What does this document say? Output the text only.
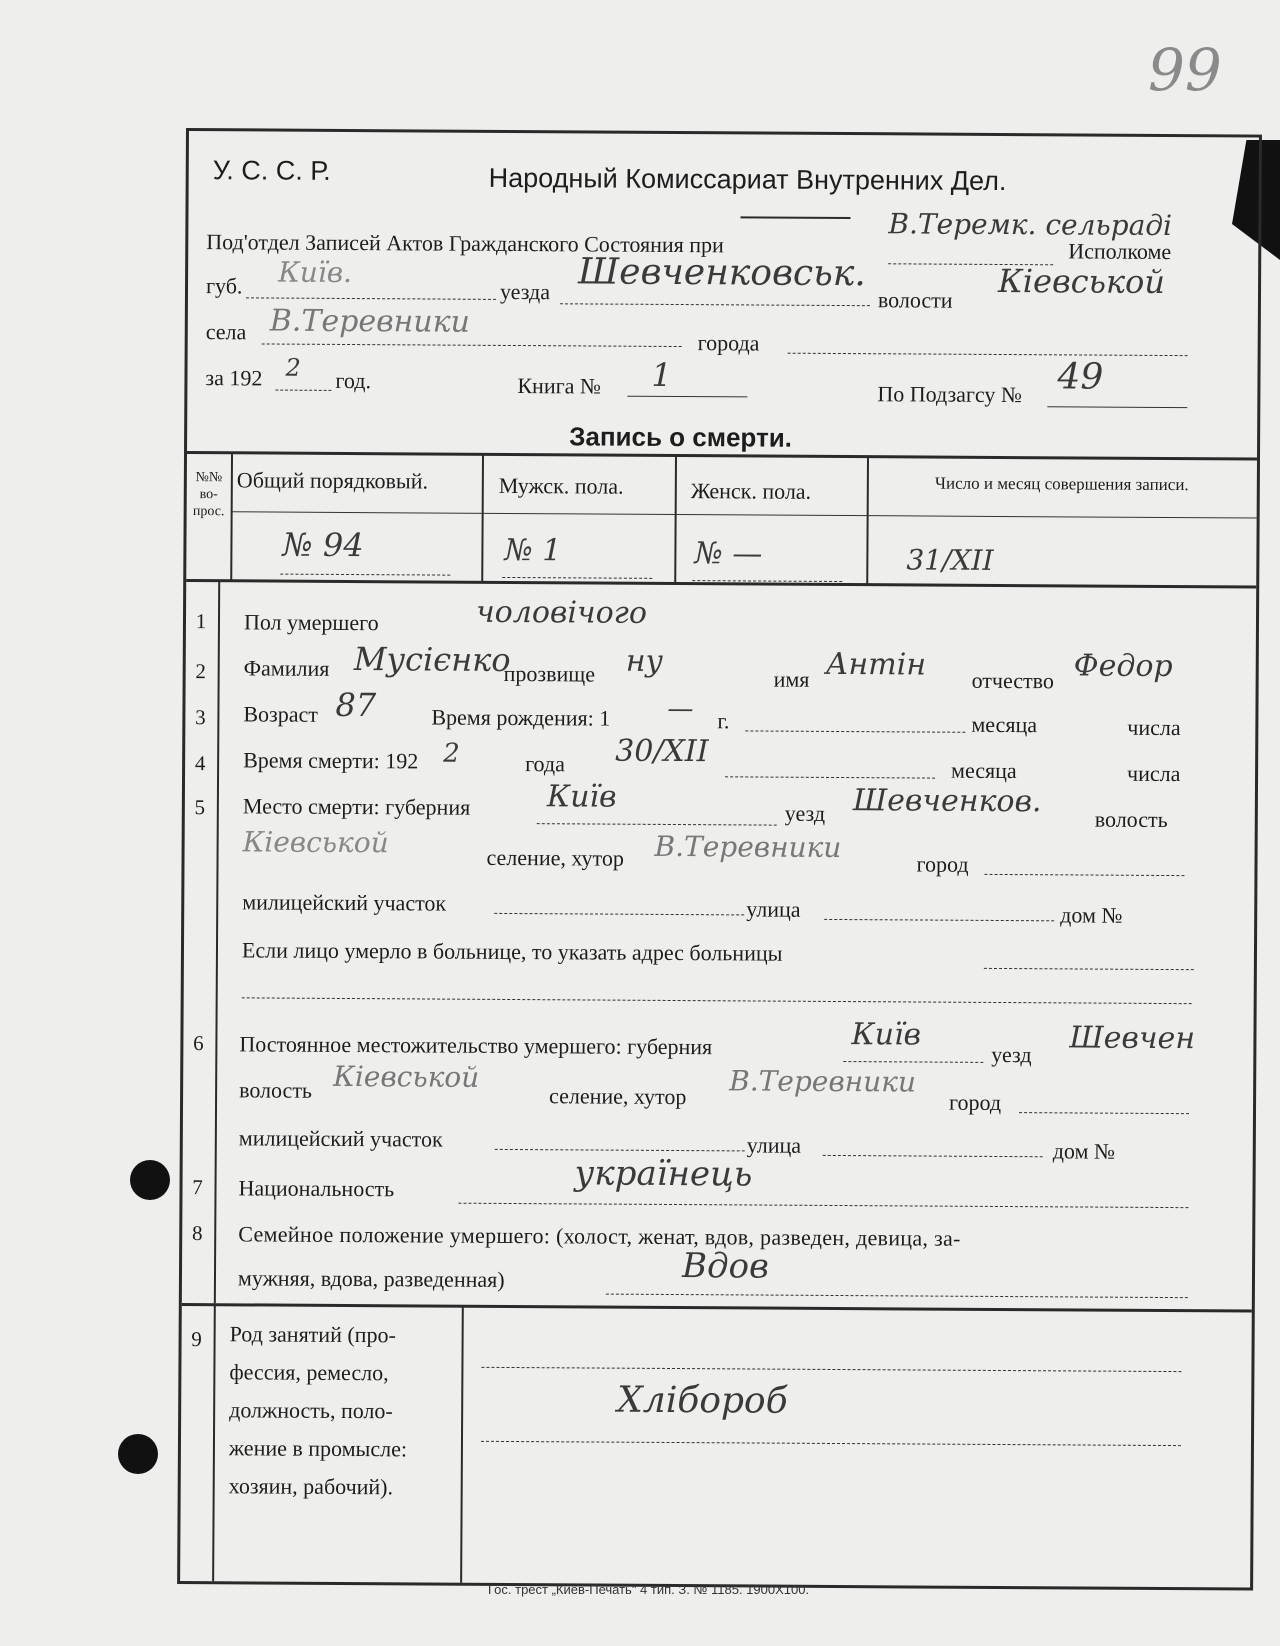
99
У. С. С. Р.	Народный Комиссариат Внутренних Дел.
Под'отдел Записей Актов Гражданского Состояния при
В.Теремк. сельраді
Исполкоме
губ. Київ.
уезда Шевченковськ.
волости Кіевськой
села В.Теревники
города
за 192 2 год.	Книга № 1
По Подзагсу № 49
Запись о смерти.
№№ во- прос.
Общий порядковый.	Мужск. пола.	Женск. пола.	Число и месяц совершения записи.
№ 94	№ 1	№ —	31/XII
1	Пол умершего	чоловічого
2	Фамилия Мусієнко
прозвище ну
имя Антін отчество Федор
3	Возраст 87	Время рождения: 1 — г.	месяца	числа
4	Время смерти: 192 2	года 30/XII
месяца	числа
5	Место смерти: губерния	Київ	уезд Шевченков.
волость
Кіевськой	селение, хутор В.Теревники
город
милицейский участок	улица	дом №
Если лицо умерло в больнице, то указать адрес больницы
6	Постоянное местожительство умершего: губерния	Київ
уезд Шевчен
волость Кіевськой
селение, хутор В.Теревники
город
милицейский участок	улица	дом №
7	Национальность	українець
8	Семейное положение умершего: (холост, женат, вдов, разведен, девица, за-
мужняя, вдова, разведенная)	Вдов
9	Род занятий (про-
фессия, ремесло,
должность, поло-
жение в промысле:
хозяин, рабочий).
Хлібороб
Гос. трест „Киев-Печать" 4 тип. З. № 1185. 1900Х100.
